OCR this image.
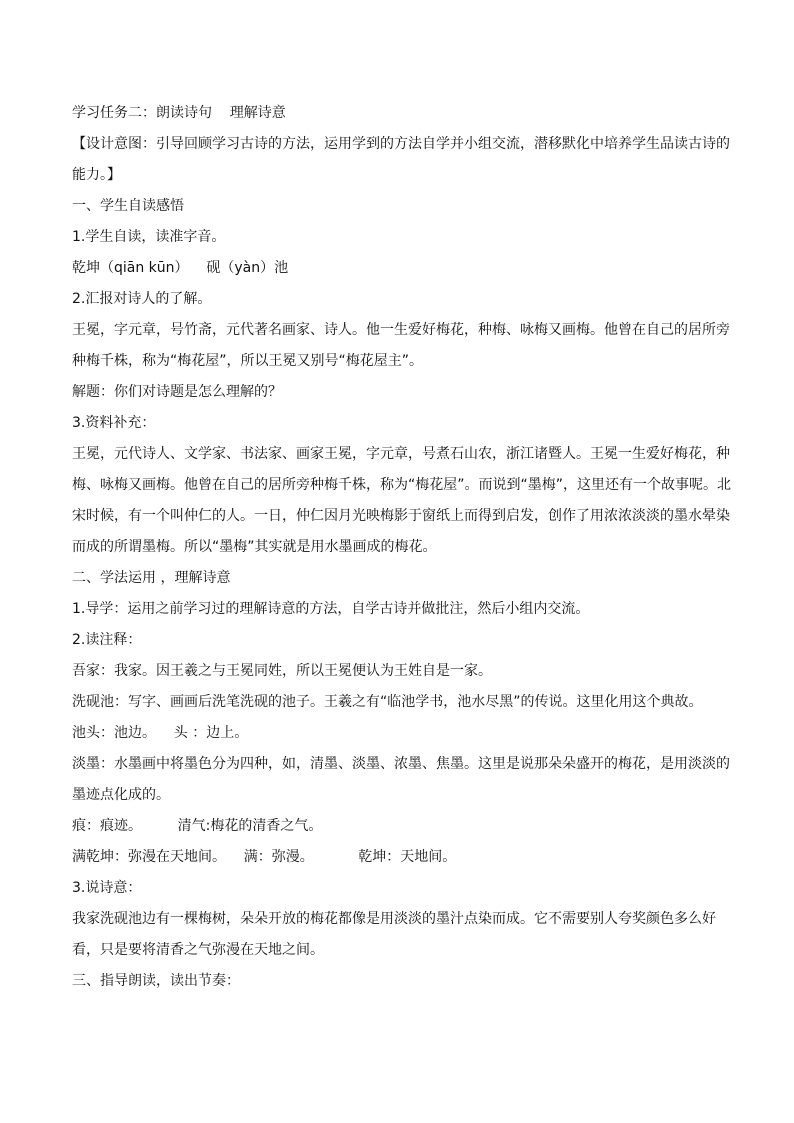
学习任务二：朗读诗句    理解诗意

【设计意图：引导回顾学习古诗的方法，运用学到的方法自学并小组交流，潜移默化中培养学生品读古诗的能力。】

一、学生自读感悟

1.学生自读，读准字音。

乾坤（qiān kūn）    砚（yàn）池

2.汇报对诗人的了解。

王冕，字元章，号竹斋，元代著名画家、诗人。他一生爱好梅花，种梅、咏梅又画梅。他曾在自己的居所旁种梅千株，称为“梅花屋”，所以王冕又别号“梅花屋主”。

解题：你们对诗题是怎么理解的？

3.资料补充：

王冕，元代诗人、文学家、书法家、画家王冕，字元章，号煮石山农，浙江诸暨人。王冕一生爱好梅花，种梅、咏梅又画梅。他曾在自己的居所旁种梅千株，称为“梅花屋”。而说到“墨梅”，这里还有一个故事呢。北宋时候，有一个叫仲仁的人。一日，仲仁因月光映梅影于窗纸上而得到启发，创作了用浓浓淡淡的墨水晕染而成的所谓墨梅。所以“墨梅”其实就是用水墨画成的梅花。

二、学法运用 ，理解诗意

1.导学：运用之前学习过的理解诗意的方法，自学古诗并做批注，然后小组内交流。

2.读注释：

吾家：我家。因王羲之与王冕同姓，所以王冕便认为王姓自是一家。

洗砚池：写字、画画后洗笔洗砚的池子。王羲之有“临池学书，池水尽黑”的传说。这里化用这个典故。

池头：池边。    头 ：边上。

淡墨：水墨画中将墨色分为四种，如，清墨、淡墨、浓墨、焦墨。这里是说那朵朵盛开的梅花，是用淡淡的墨迹点化成的。

痕：痕迹。        清气:梅花的清香之气。

满乾坤：弥漫在天地间。    满：弥漫。          乾坤：天地间。

3.说诗意：

我家洗砚池边有一棵梅树，朵朵开放的梅花都像是用淡淡的墨汁点染而成。它不需要别人夸奖颜色多么好看，只是要将清香之气弥漫在天地之间。

三、指导朗读，读出节奏：
